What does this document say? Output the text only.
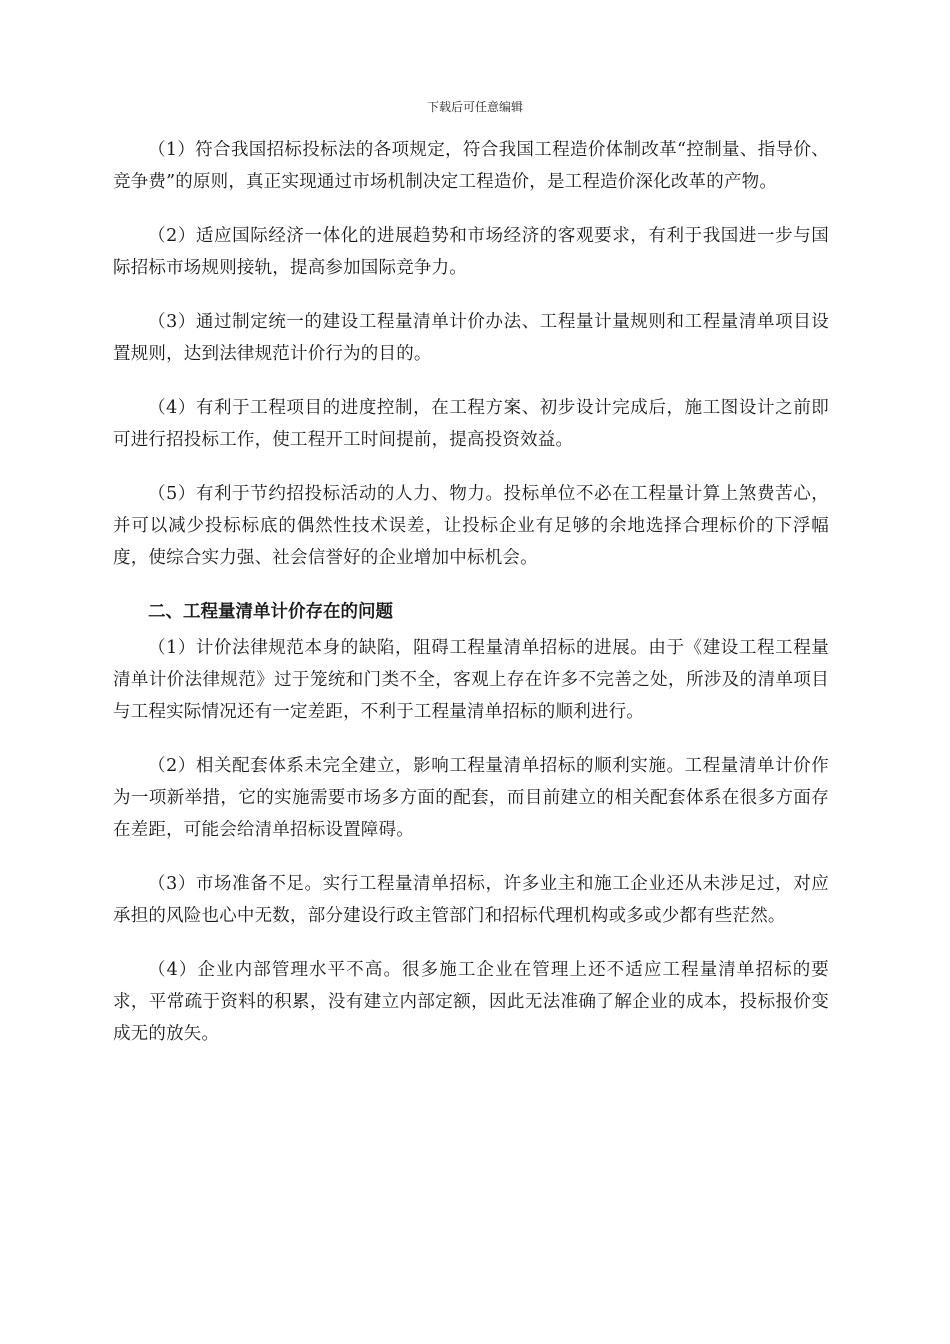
下载后可任意编辑

（1）符合我国招标投标法的各项规定，符合我国工程造价体制改革“控制量、指导价、竞争费”的原则，真正实现通过市场机制决定工程造价，是工程造价深化改革的产物。

（2）适应国际经济一体化的进展趋势和市场经济的客观要求，有利于我国进一步与国际招标市场规则接轨，提高参加国际竞争力。

（3）通过制定统一的建设工程量清单计价办法、工程量计量规则和工程量清单项目设置规则，达到法律规范计价行为的目的。

（4）有利于工程项目的进度控制，在工程方案、初步设计完成后，施工图设计之前即可进行招投标工作，使工程开工时间提前，提高投资效益。

（5）有利于节约招投标活动的人力、物力。投标单位不必在工程量计算上煞费苦心，并可以减少投标标底的偶然性技术误差，让投标企业有足够的余地选择合理标价的下浮幅度，使综合实力强、社会信誉好的企业增加中标机会。

二、工程量清单计价存在的问题

（1）计价法律规范本身的缺陷，阻碍工程量清单招标的进展。由于《建设工程工程量清单计价法律规范》过于笼统和门类不全，客观上存在许多不完善之处，所涉及的清单项目与工程实际情况还有一定差距，不利于工程量清单招标的顺利进行。

（2）相关配套体系未完全建立，影响工程量清单招标的顺利实施。工程量清单计价作为一项新举措，它的实施需要市场多方面的配套，而目前建立的相关配套体系在很多方面存在差距，可能会给清单招标设置障碍。

（3）市场准备不足。实行工程量清单招标，许多业主和施工企业还从未涉足过，对应承担的风险也心中无数，部分建设行政主管部门和招标代理机构或多或少都有些茫然。

（4）企业内部管理水平不高。很多施工企业在管理上还不适应工程量清单招标的要求，平常疏于资料的积累，没有建立内部定额，因此无法准确了解企业的成本，投标报价变成无的放矢。
